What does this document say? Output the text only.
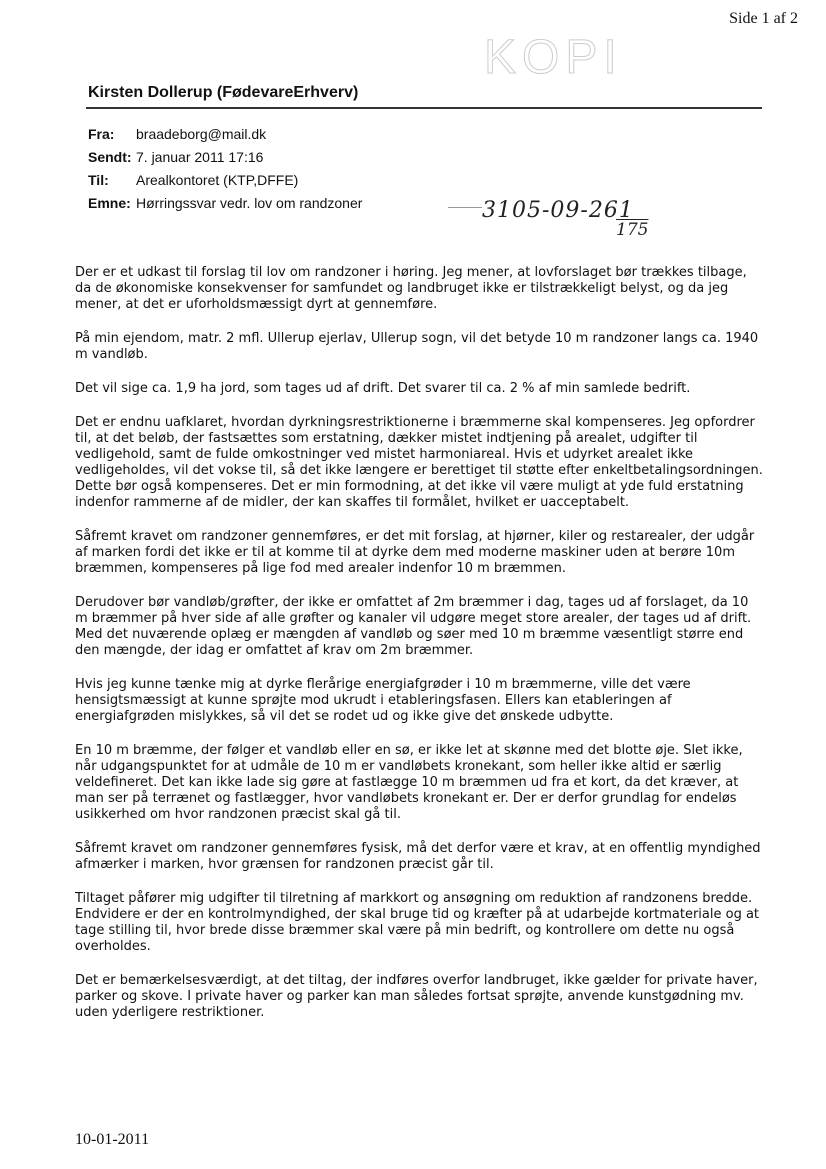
Side 1 af 2
KOPI
Kirsten Dollerup (FødevareErhverv)
Fra:	braadeborg@mail.dk
Sendt: 7. januar 2011 17:16
Til:	Arealkontoret (KTP,DFFE)
Emne: Hørringssvar vedr. lov om randzoner	3105-09-261
175

Der er et udkast til forslag til lov om randzoner i høring. Jeg mener, at lovforslaget bør trækkes tilbage, da de økonomiske konsekvenser for samfundet og landbruget ikke er tilstrækkeligt belyst, og da jeg mener, at det er uforholdsmæssigt dyrt at gennemføre.

På min ejendom, matr. 2 mfl. Ullerup ejerlav, Ullerup sogn, vil det betyde 10 m randzoner langs ca. 1940 m vandløb.

Det vil sige ca. 1,9 ha jord, som tages ud af drift. Det svarer til ca. 2 % af min samlede bedrift.

Det er endnu uafklaret, hvordan dyrkningsrestriktionerne i bræmmerne skal kompenseres. Jeg opfordrer til, at det beløb, der fastsættes som erstatning, dækker mistet indtjening på arealet, udgifter til vedligehold, samt de fulde omkostninger ved mistet harmoniareal. Hvis et udyrket arealet ikke vedligeholdes, vil det vokse til, så det ikke længere er berettiget til støtte efter enkeltbetalingsordningen. Dette bør også kompenseres. Det er min formodning, at det ikke vil være muligt at yde fuld erstatning indenfor rammerne af de midler, der kan skaffes til formålet, hvilket er uacceptabelt.

Såfremt kravet om randzoner gennemføres, er det mit forslag, at hjørner, kiler og restarealer, der udgår af marken fordi det ikke er til at komme til at dyrke dem med moderne maskiner uden at berøre 10m bræmmen, kompenseres på lige fod med arealer indenfor 10 m bræmmen.

Derudover bør vandløb/grøfter, der ikke er omfattet af 2m bræmmer i dag, tages ud af forslaget, da 10 m bræmmer på hver side af alle grøfter og kanaler vil udgøre meget store arealer, der tages ud af drift. Med det nuværende oplæg er mængden af vandløb og søer med 10 m bræmme væsentligt større end den mængde, der idag er omfattet af krav om 2m bræmmer.

Hvis jeg kunne tænke mig at dyrke flerårige energiafgrøder i 10 m bræmmerne, ville det være hensigtsmæssigt at kunne sprøjte mod ukrudt i etableringsfasen. Ellers kan etableringen af energiafgrøden mislykkes, så vil det se rodet ud og ikke give det ønskede udbytte.

En 10 m bræmme, der følger et vandløb eller en sø, er ikke let at skønne med det blotte øje. Slet ikke, når udgangspunktet for at udmåle de 10 m er vandløbets kronekant, som heller ikke altid er særlig veldefineret. Det kan ikke lade sig gøre at fastlægge 10 m bræmmen ud fra et kort, da det kræver, at man ser på terrænet og fastlægger, hvor vandløbets kronekant er. Der er derfor grundlag for endeløs usikkerhed om hvor randzonen præcist skal gå til.

Såfremt kravet om randzoner gennemføres fysisk, må det derfor være et krav, at en offentlig myndighed afmærker i marken, hvor grænsen for randzonen præcist går til.

Tiltaget påfører mig udgifter til tilretning af markkort og ansøgning om reduktion af randzonens bredde. Endvidere er der en kontrolmyndighed, der skal bruge tid og kræfter på at udarbejde kortmateriale og at tage stilling til, hvor brede disse bræmmer skal være på min bedrift, og kontrollere om dette nu også overholdes.

Det er bemærkelsesværdigt, at det tiltag, der indføres overfor landbruget, ikke gælder for private haver, parker og skove. I private haver og parker kan man således fortsat sprøjte, anvende kunstgødning mv. uden yderligere restriktioner.

10-01-2011
